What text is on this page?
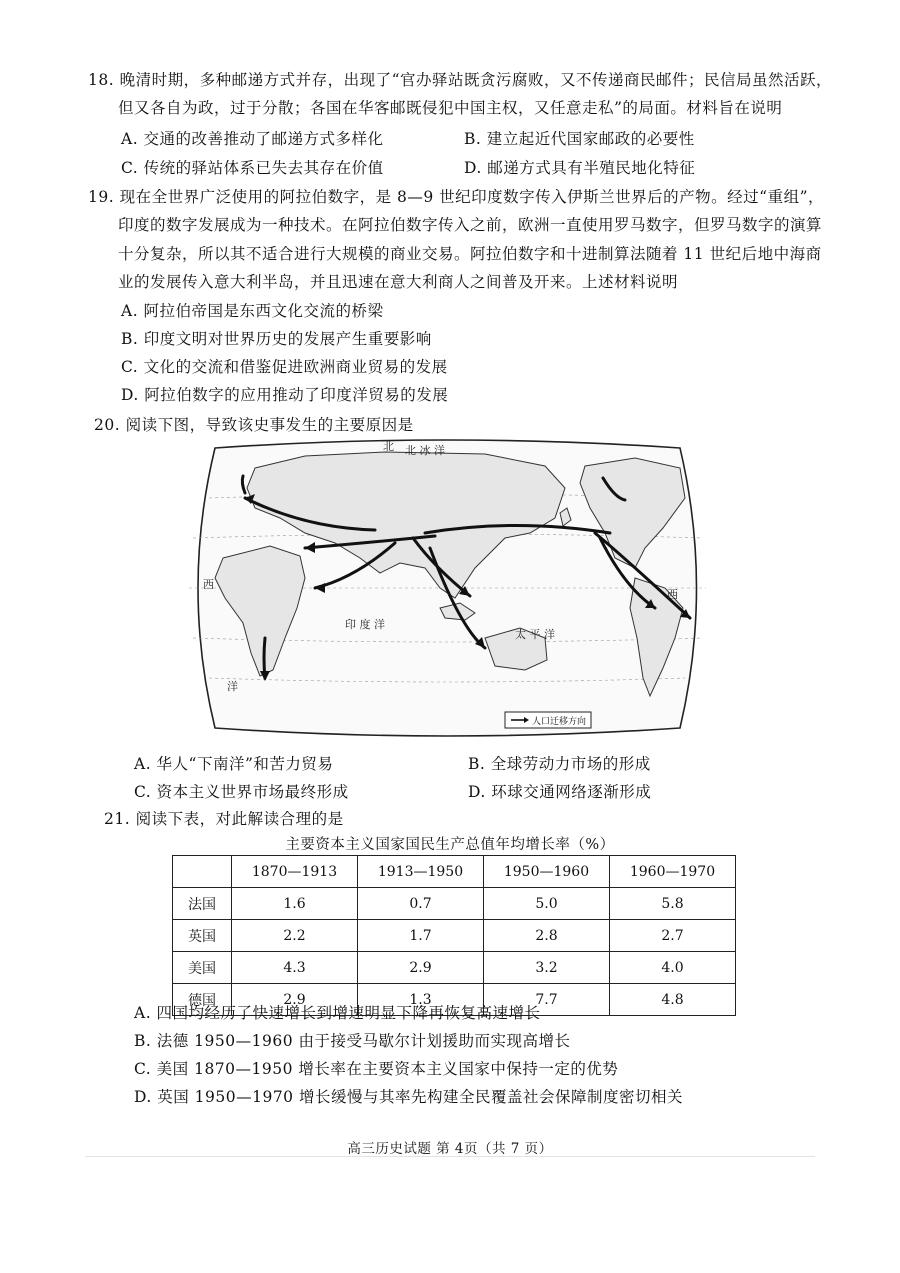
18. 晚清时期，多种邮递方式并存，出现了“官办驿站既贪污腐败，又不传递商民邮件；民信局虽然活跃，
但又各自为政，过于分散；各国在华客邮既侵犯中国主权，又任意走私”的局面。材料旨在说明
A. 交通的改善推动了邮递方式多样化	B. 建立起近代国家邮政的必要性
C. 传统的驿站体系已失去其存在价值	D. 邮递方式具有半殖民地化特征
19. 现在全世界广泛使用的阿拉伯数字，是 8—9 世纪印度数字传入伊斯兰世界后的产物。经过“重组”，
印度的数字发展成为一种技术。在阿拉伯数字传入之前，欧洲一直使用罗马数字，但罗马数字的演算
十分复杂，所以其不适合进行大规模的商业交易。阿拉伯数字和十进制算法随着 11 世纪后地中海商
业的发展传入意大利半岛，并且迅速在意大利商人之间普及开来。上述材料说明
A. 阿拉伯帝国是东西文化交流的桥梁
B. 印度文明对世界历史的发展产生重要影响
C. 文化的交流和借鉴促进欧洲商业贸易的发展
D. 阿拉伯数字的应用推动了印度洋贸易的发展
20. 阅读下图，导致该史事发生的主要原因是
北 冰 洋
印 度 洋
太 平 洋
西
北
西
洋
人口迁移方向
A. 华人“下南洋”和苦力贸易	B. 全球劳动力市场的形成
C. 资本主义世界市场最终形成	D. 环球交通网络逐渐形成
21. 阅读下表，对此解读合理的是
主要资本主义国家国民生产总值年均增长率（%）
	1870—1913	1913—1950	1950—1960	1960—1970
法国	1.6	0.7	5.0	5.8
英国	2.2	1.7	2.8	2.7
美国	4.3	2.9	3.2	4.0
德国	2.9	1.3	7.7	4.8
A. 四国均经历了快速增长到增速明显下降再恢复高速增长
B. 法德 1950—1960 由于接受马歇尔计划援助而实现高增长
C. 美国 1870—1950 增长率在主要资本主义国家中保持一定的优势
D. 英国 1950—1970 增长缓慢与其率先构建全民覆盖社会保障制度密切相关
高三历史试题 第 4页（共 7 页）
